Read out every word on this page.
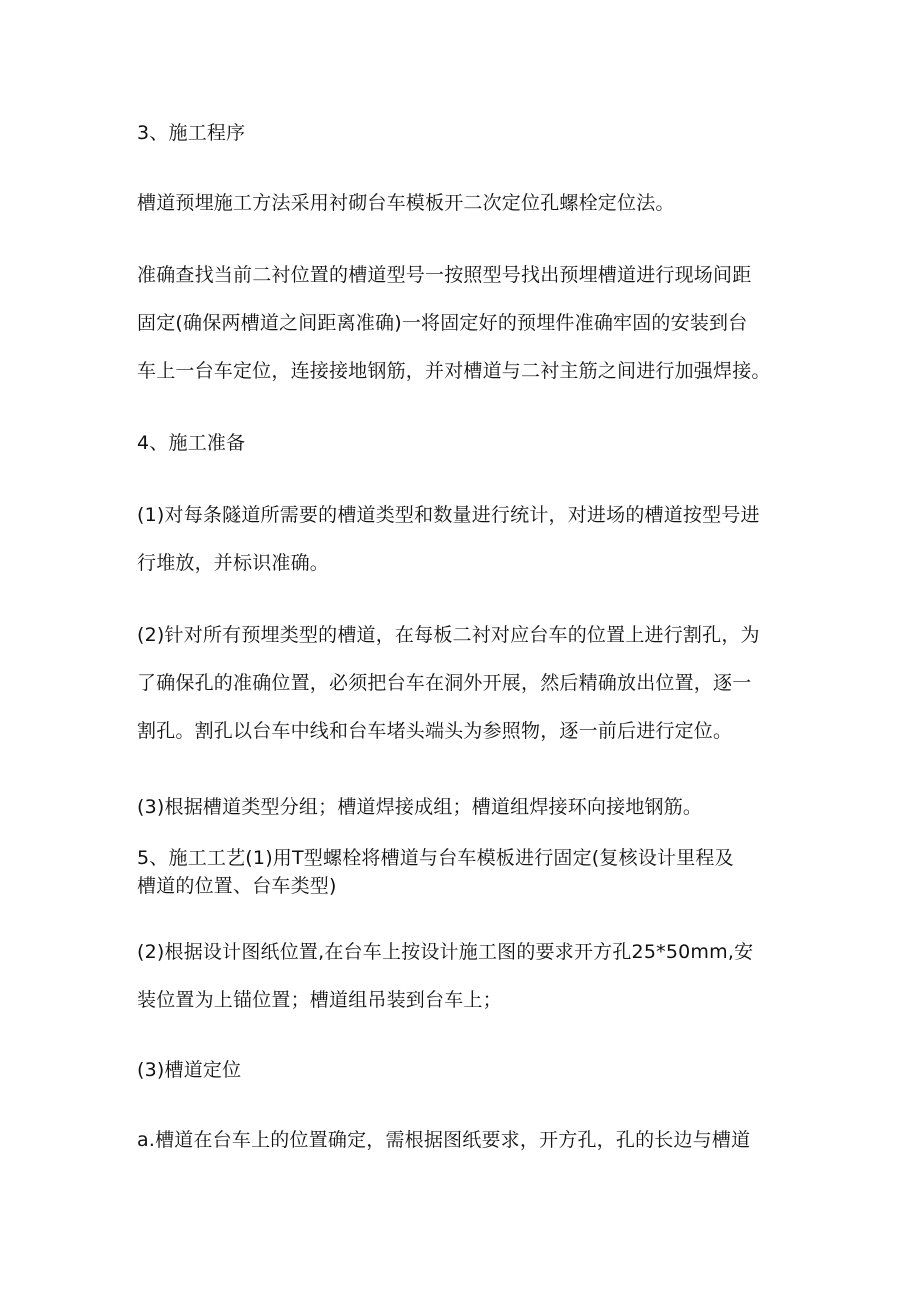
3、施工程序

槽道预埋施工方法采用衬砌台车模板开二次定位孔螺栓定位法。

准确查找当前二衬位置的槽道型号一按照型号找出预埋槽道进行现场间距

固定(确保两槽道之间距离准确)一将固定好的预埋件准确牢固的安装到台

车上一台车定位，连接接地钢筋，并对槽道与二衬主筋之间进行加强焊接。

4、施工准备

(1)对每条隧道所需要的槽道类型和数量进行统计，对进场的槽道按型号进

行堆放，并标识准确。

(2)针对所有预埋类型的槽道，在每板二衬对应台车的位置上进行割孔，为

了确保孔的准确位置，必须把台车在洞外开展，然后精确放出位置，逐一

割孔。割孔以台车中线和台车堵头端头为参照物，逐一前后进行定位。

(3)根据槽道类型分组；槽道焊接成组；槽道组焊接环向接地钢筋。

5、施工工艺(1)用T型螺栓将槽道与台车模板进行固定(复核设计里程及

槽道的位置、台车类型)

(2)根据设计图纸位置,在台车上按设计施工图的要求开方孔25*50mm,安

装位置为上锚位置；槽道组吊装到台车上；

(3)槽道定位

a.槽道在台车上的位置确定，需根据图纸要求，开方孔，孔的长边与槽道
